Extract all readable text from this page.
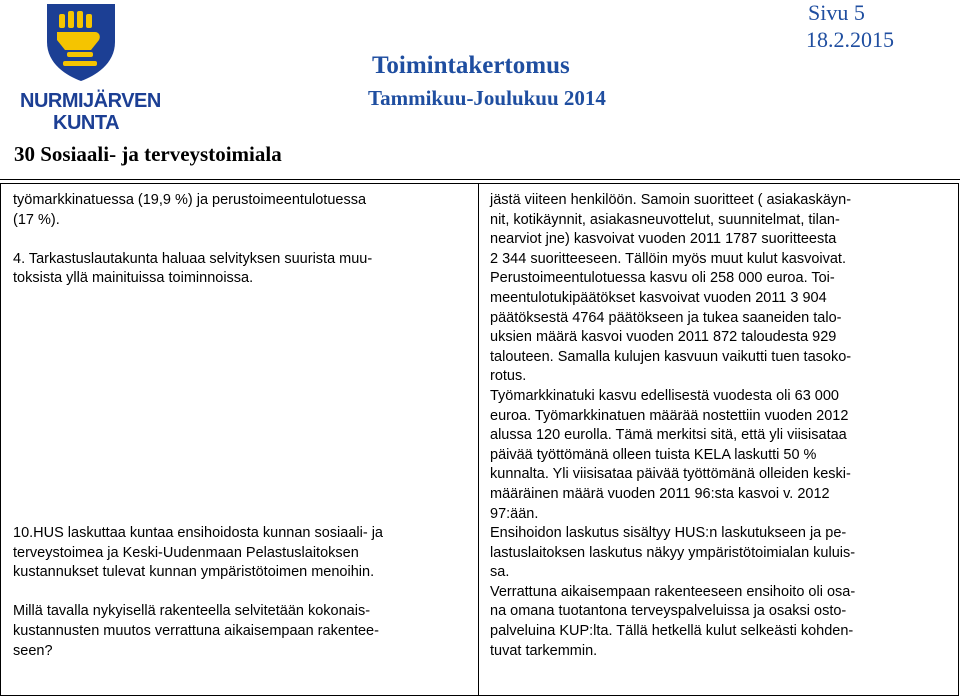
NURMIJÄRVEN
KUNTA
Sivu 5
18.2.2015
Toimintakertomus
Tammikuu-Joulukuu 2014
30 Sosiaali- ja terveystoimiala

työmarkkinatuessa (19,9 %) ja perustoimeentulotuessa

(17 %).

4. Tarkastuslautakunta haluaa selvityksen suurista muu-

toksista yllä mainituissa toiminnoissa.

10.HUS laskuttaa kuntaa ensihoidosta kunnan sosiaali- ja

terveystoimea ja Keski-Uudenmaan Pelastuslaitoksen

kustannukset tulevat kunnan ympäristötoimen menoihin.

Millä tavalla nykyisellä rakenteella selvitetään kokonais-

kustannusten muutos verrattuna aikaisempaan rakentee-

seen?

jästä viiteen henkilöön. Samoin suoritteet ( asiakaskäyn-

nit, kotikäynnit, asiakasneuvottelut, suunnitelmat, tilan-

nearviot jne) kasvoivat vuoden 2011 1787 suoritteesta

2 344 suoritteeseen. Tällöin myös muut kulut kasvoivat.

Perustoimeentulotuessa kasvu oli 258 000 euroa. Toi-

meentulotukipäätökset kasvoivat vuoden 2011 3 904

päätöksestä 4764 päätökseen ja tukea saaneiden talo-

uksien määrä kasvoi vuoden 2011 872 taloudesta 929

talouteen. Samalla kulujen kasvuun vaikutti tuen tasoko-

rotus.

Työmarkkinatuki kasvu edellisestä vuodesta oli 63 000

euroa. Työmarkkinatuen määrää nostettiin vuoden 2012

alussa 120 eurolla. Tämä merkitsi sitä, että yli viisisataa

päivää työttömänä olleen tuista KELA laskutti 50 %

kunnalta. Yli viisisataa päivää työttömänä olleiden keski-

määräinen määrä vuoden 2011 96:sta kasvoi v. 2012

97:ään.

Ensihoidon laskutus sisältyy HUS:n laskutukseen ja pe-

lastuslaitoksen laskutus näkyy ympäristötoimialan kuluis-

sa.

Verrattuna aikaisempaan rakenteeseen ensihoito oli osa-

na omana tuotantona terveyspalveluissa ja osaksi osto-

palveluina KUP:lta. Tällä hetkellä kulut selkeästi kohden-

tuvat tarkemmin.
